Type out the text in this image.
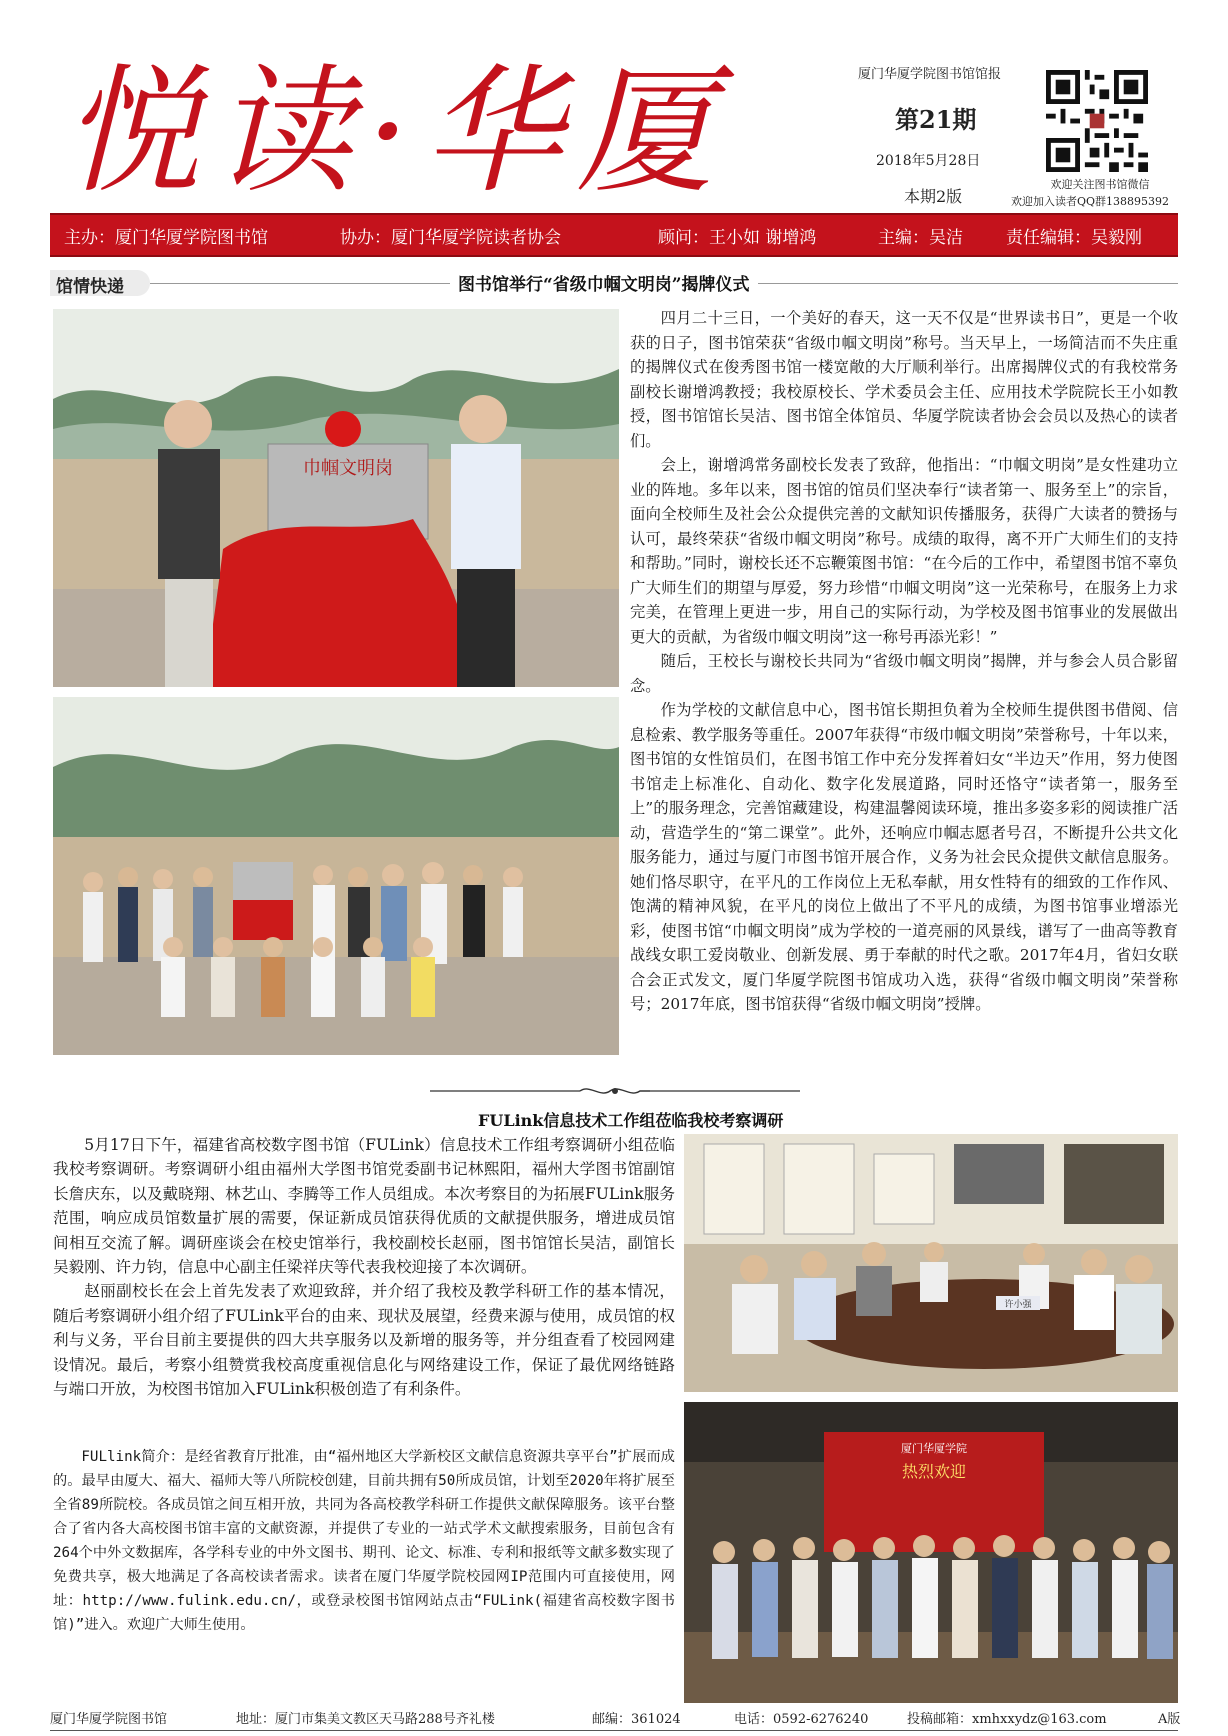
悦读·华厦	厦门华厦学院图书馆馆报
第21期
2018年5月28日
本期2版
欢迎关注图书馆微信
欢迎加入读者QQ群138895392
主办：厦门华厦学院图书馆	协办：厦门华厦学院读者协会	顾问：王小如 谢增鸿	主编：吴洁	责任编辑：吴毅刚
馆情快递	图书馆举行“省级巾帼文明岗”揭牌仪式
巾帼文明岗

四月二十三日，一个美好的春天，这一天不仅是“世界读书日”，更是一个收获的日子，图书馆荣获“省级巾帼文明岗”称号。当天早上，一场简洁而不失庄重的揭牌仪式在俊秀图书馆一楼宽敞的大厅顺利举行。出席揭牌仪式的有我校常务副校长谢增鸿教授；我校原校长、学术委员会主任、应用技术学院院长王小如教授，图书馆馆长吴洁、图书馆全体馆员、华厦学院读者协会会员以及热心的读者们。

会上，谢增鸿常务副校长发表了致辞，他指出：“巾帼文明岗”是女性建功立业的阵地。多年以来，图书馆的馆员们坚决奉行“读者第一、服务至上”的宗旨，面向全校师生及社会公众提供完善的文献知识传播服务，获得广大读者的赞扬与认可，最终荣获“省级巾帼文明岗”称号。成绩的取得，离不开广大师生们的支持和帮助。”同时，谢校长还不忘鞭策图书馆：“在今后的工作中，希望图书馆不辜负广大师生们的期望与厚爱，努力珍惜“巾帼文明岗”这一光荣称号，在服务上力求完美，在管理上更进一步，用自己的实际行动，为学校及图书馆事业的发展做出更大的贡献，为省级巾帼文明岗”这一称号再添光彩！”

随后，王校长与谢校长共同为“省级巾帼文明岗”揭牌，并与参会人员合影留念。

作为学校的文献信息中心，图书馆长期担负着为全校师生提供图书借阅、信息检索、教学服务等重任。2007年获得“市级巾帼文明岗”荣誉称号，十年以来，图书馆的女性馆员们，在图书馆工作中充分发挥着妇女“半边天”作用，努力使图书馆走上标准化、自动化、数字化发展道路，同时还恪守“读者第一，服务至上”的服务理念，完善馆藏建设，构建温馨阅读环境，推出多姿多彩的阅读推广活动，营造学生的“第二课堂”。此外，还响应巾帼志愿者号召，不断提升公共文化服务能力，通过与厦门市图书馆开展合作，义务为社会民众提供文献信息服务。她们恪尽职守，在平凡的工作岗位上无私奉献，用女性特有的细致的工作作风、饱满的精神风貌，在平凡的岗位上做出了不平凡的成绩，为图书馆事业增添光彩，使图书馆“巾帼文明岗”成为学校的一道亮丽的风景线，谱写了一曲高等教育战线女职工爱岗敬业、创新发展、勇于奉献的时代之歌。2017年4月，省妇女联合会正式发文，厦门华厦学院图书馆成功入选，获得“省级巾帼文明岗”荣誉称号；2017年底，图书馆获得“省级巾帼文明岗”授牌。

FULink信息技术工作组莅临我校考察调研

5月17日下午，福建省高校数字图书馆（FULink）信息技术工作组考察调研小组莅临我校考察调研。考察调研小组由福州大学图书馆党委副书记林熙阳，福州大学图书馆副馆长詹庆东，以及戴晓翔、林艺山、李腾等工作人员组成。本次考察目的为拓展FULink服务范围，响应成员馆数量扩展的需要，保证新成员馆获得优质的文献提供服务，增进成员馆间相互交流了解。调研座谈会在校史馆举行，我校副校长赵丽，图书馆馆长吴洁，副馆长吴毅刚、许力钧，信息中心副主任梁祥庆等代表我校迎接了本次调研。

赵丽副校长在会上首先发表了欢迎致辞，并介绍了我校及教学科研工作的基本情况，随后考察调研小组介绍了FULink平台的由来、现状及展望，经费来源与使用，成员馆的权利与义务，平台目前主要提供的四大共享服务以及新增的服务等，并分组查看了校园网建设情况。最后，考察小组赞赏我校高度重视信息化与网络建设工作，保证了最优网络链路与端口开放，为校图书馆加入FULink积极创造了有利条件。

FULlink简介：是经省教育厅批准，由“福州地区大学新校区文献信息资源共享平台”扩展而成的。最早由厦大、福大、福师大等八所院校创建，目前共拥有50所成员馆，计划至2020年将扩展至全省89所院校。各成员馆之间互相开放，共同为各高校教学科研工作提供文献保障服务。该平台整合了省内各大高校图书馆丰富的文献资源，并提供了专业的一站式学术文献搜索服务，目前包含有264个中外文数据库，各学科专业的中外文图书、期刊、论文、标准、专利和报纸等文献多数实现了免费共享，极大地满足了各高校读者需求。读者在厦门华厦学院校园网IP范围内可直接使用，网址：http://www.fulink.edu.cn/，或登录校图书馆网站点击“FULink(福建省高校数字图书馆)”进入。欢迎广大师生使用。

许小强
厦门华厦学院
热烈欢迎
厦门华厦学院图书馆	地址：厦门市集美文教区天马路288号齐礼楼	邮编：361024	电话：0592-6276240	投稿邮箱：xmhxxydz@163.com	A版
